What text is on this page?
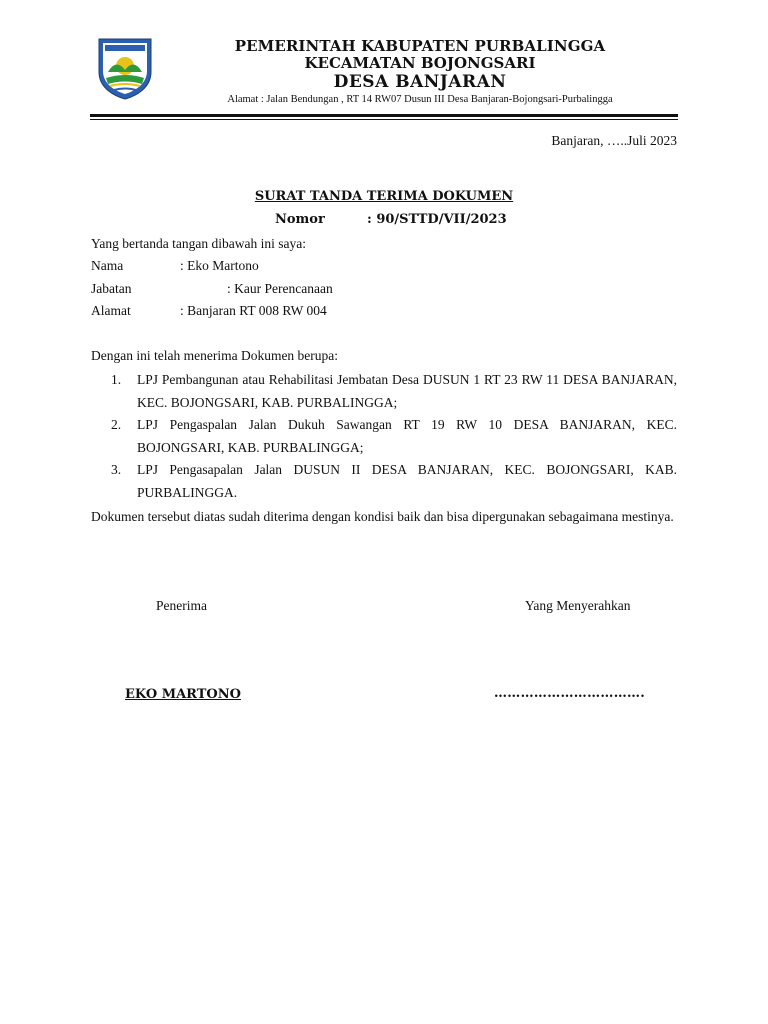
PEMERINTAH KABUPATEN PURBALINGGA
KECAMATAN BOJONGSARI
DESA BANJARAN
Alamat : Jalan Bendungan , RT 14 RW07 Dusun III Desa Banjaran-Bojongsari-Purbalingga
Banjaran, …..Juli 2023
SURAT TANDA TERIMA DOKUMEN
Nomor	: 90/STTD/VII/2023
Yang bertanda tangan dibawah ini saya:
Nama	: Eko Martono
Jabatan	: Kaur Perencanaan
Alamat	: Banjaran RT 008 RW 004
Dengan ini telah menerima Dokumen berupa:
1. LPJ Pembangunan atau Rehabilitasi Jembatan Desa DUSUN 1 RT 23 RW 11 DESA BANJARAN, KEC. BOJONGSARI, KAB. PURBALINGGA;
2. LPJ Pengaspalan Jalan Dukuh Sawangan RT 19 RW 10 DESA BANJARAN, KEC. BOJONGSARI, KAB. PURBALINGGA;
3. LPJ Pengasapalan Jalan DUSUN II DESA BANJARAN, KEC. BOJONGSARI, KAB. PURBALINGGA.
Dokumen tersebut diatas sudah diterima dengan kondisi baik dan bisa dipergunakan sebagaimana mestinya.
Penerima	Yang Menyerahkan
EKO MARTONO	…………………………….
